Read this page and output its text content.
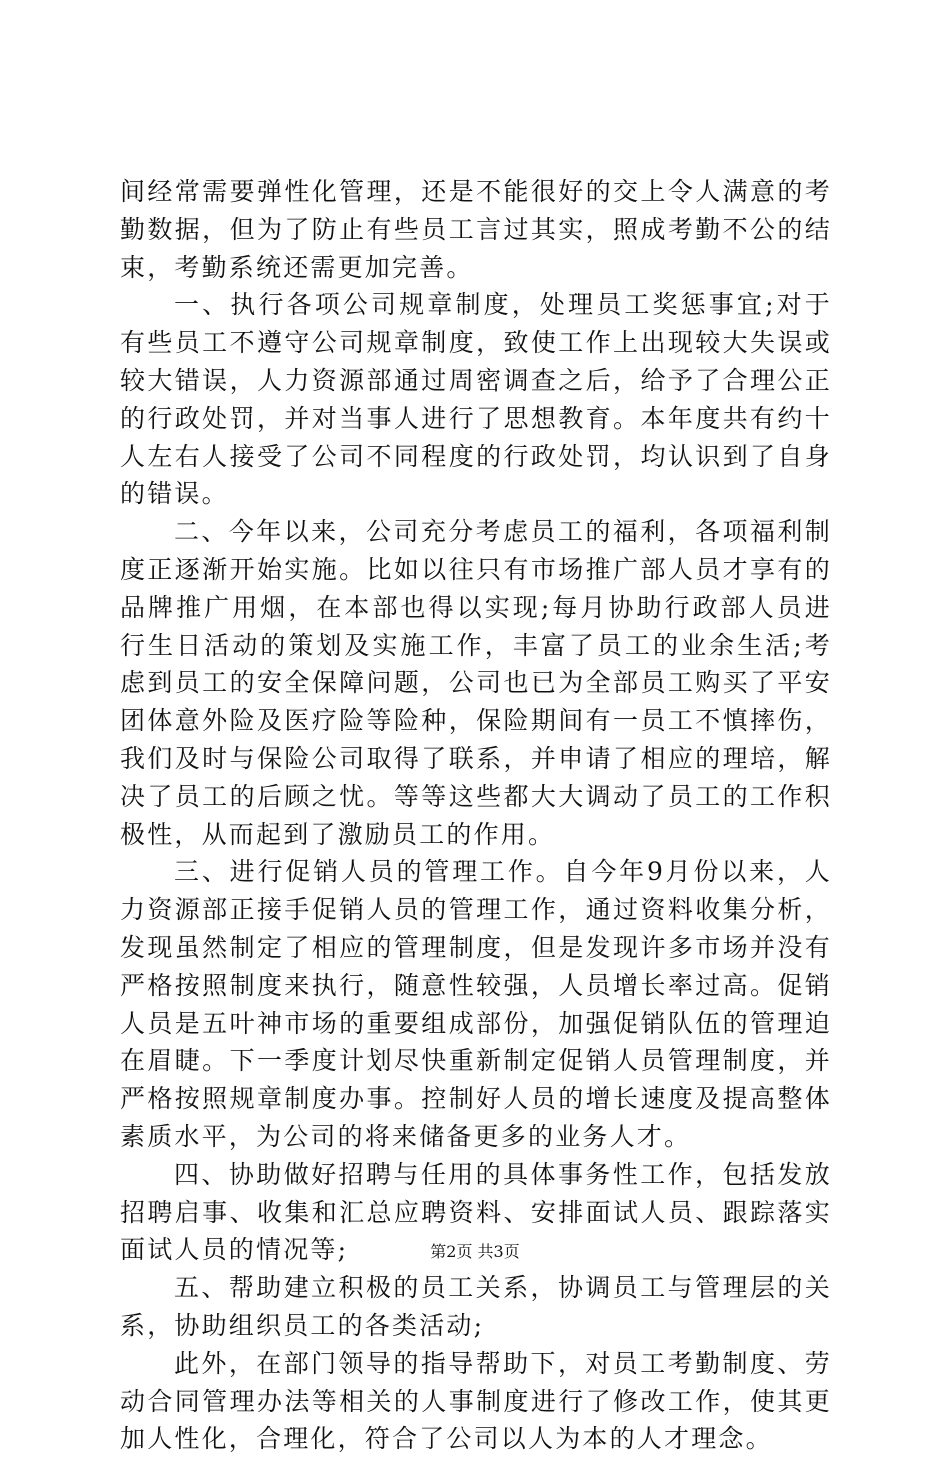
间经常需要弹性化管理，还是不能很好的交上令人满意的考勤数据，但为了防止有些员工言过其实，照成考勤不公的结束，考勤系统还需更加完善。

一、执行各项公司规章制度，处理员工奖惩事宜;对于有些员工不遵守公司规章制度，致使工作上出现较大失误或较大错误，人力资源部通过周密调查之后，给予了合理公正的行政处罚，并对当事人进行了思想教育。本年度共有约十人左右人接受了公司不同程度的行政处罚，均认识到了自身的错误。

二、今年以来，公司充分考虑员工的福利，各项福利制度正逐渐开始实施。比如以往只有市场推广部人员才享有的品牌推广用烟，在本部也得以实现;每月协助行政部人员进行生日活动的策划及实施工作，丰富了员工的业余生活;考虑到员工的安全保障问题，公司也已为全部员工购买了平安团体意外险及医疗险等险种，保险期间有一员工不慎摔伤，我们及时与保险公司取得了联系，并申请了相应的理培，解决了员工的后顾之忧。等等这些都大大调动了员工的工作积极性，从而起到了激励员工的作用。

三、进行促销人员的管理工作。自今年9月份以来，人力资源部正接手促销人员的管理工作，通过资料收集分析，发现虽然制定了相应的管理制度，但是发现许多市场并没有严格按照制度来执行，随意性较强，人员增长率过高。促销人员是五叶神市场的重要组成部份，加强促销队伍的管理迫在眉睫。下一季度计划尽快重新制定促销人员管理制度，并严格按照规章制度办事。控制好人员的增长速度及提高整体素质水平，为公司的将来储备更多的业务人才。

四、协助做好招聘与任用的具体事务性工作，包括发放招聘启事、收集和汇总应聘资料、安排面试人员、跟踪落实面试人员的情况等;

五、帮助建立积极的员工关系，协调员工与管理层的关系，协助组织员工的各类活动;

此外，在部门领导的指导帮助下，对员工考勤制度、劳动合同管理办法等相关的人事制度进行了修改工作，使其更加人性化，合理化，符合了公司以人为本的人才理念。

第2页 共3页
